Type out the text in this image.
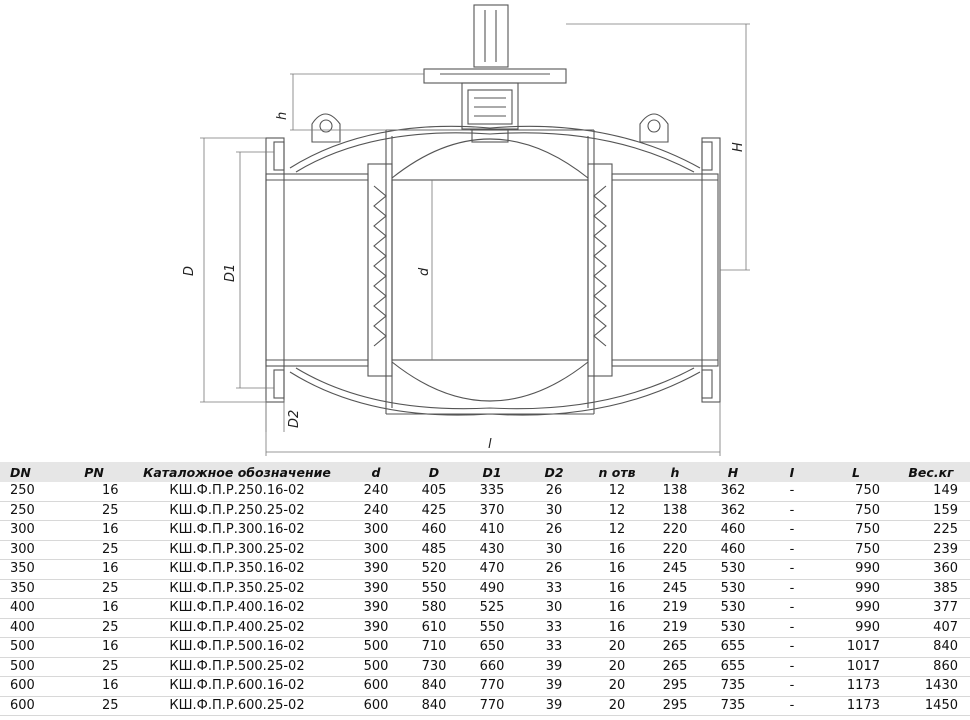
h
H
D D1	d
D2
l
DN	PN	Каталожное обозначение	d	D	D1	D2	n отв	h	H	I	L	Вес.кг
250	16	КШ.Ф.П.Р.250.16-02	240	405	335	26	12	138	362	-	750	149
250	25	КШ.Ф.П.Р.250.25-02	240	425	370	30	12	138	362	-	750	159
300	16	КШ.Ф.П.Р.300.16-02	300	460	410	26	12	220	460	-	750	225
300	25	КШ.Ф.П.Р.300.25-02	300	485	430	30	16	220	460	-	750	239
350	16	КШ.Ф.П.Р.350.16-02	390	520	470	26	16	245	530	-	990	360
350	25	КШ.Ф.П.Р.350.25-02	390	550	490	33	16	245	530	-	990	385
400	16	КШ.Ф.П.Р.400.16-02	390	580	525	30	16	219	530	-	990	377
400	25	КШ.Ф.П.Р.400.25-02	390	610	550	33	16	219	530	-	990	407
500	16	КШ.Ф.П.Р.500.16-02	500	710	650	33	20	265	655	-	1017	840
500	25	КШ.Ф.П.Р.500.25-02	500	730	660	39	20	265	655	-	1017	860
600	16	КШ.Ф.П.Р.600.16-02	600	840	770	39	20	295	735	-	1173	1430
600	25	КШ.Ф.П.Р.600.25-02	600	840	770	39	20	295	735	-	1173	1450
